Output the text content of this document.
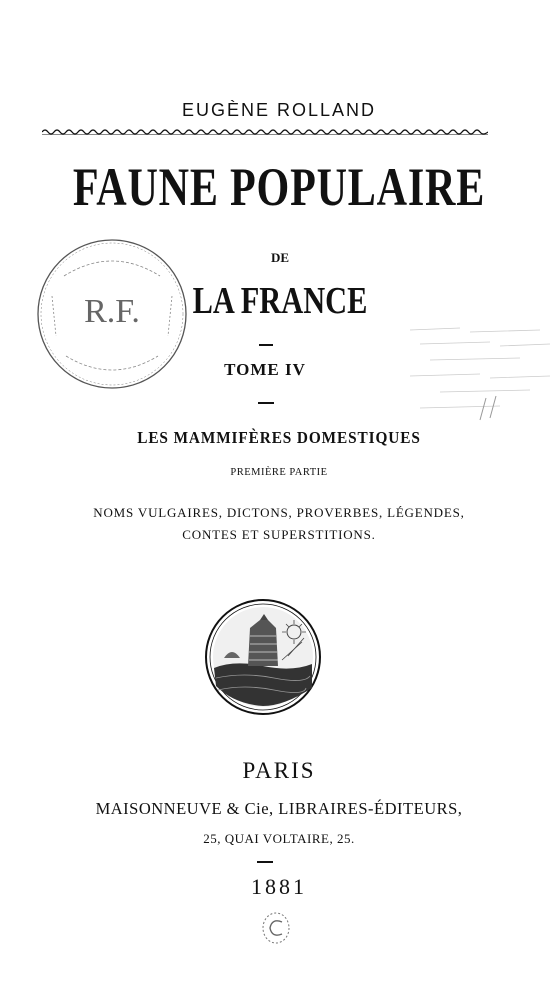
EUGÈNE ROLLAND
FAUNE POPULAIRE
DE
R.F.	LA FRANCE
TOME IV
LES MAMMIFÈRES DOMESTIQUES
PREMIÈRE PARTIE
NOMS VULGAIRES, DICTONS, PROVERBES, LÉGENDES,
CONTES ET SUPERSTITIONS.
PARIS
MAISONNEUVE & Cie, LIBRAIRES-ÉDITEURS,
25, QUAI VOLTAIRE, 25.
1881
